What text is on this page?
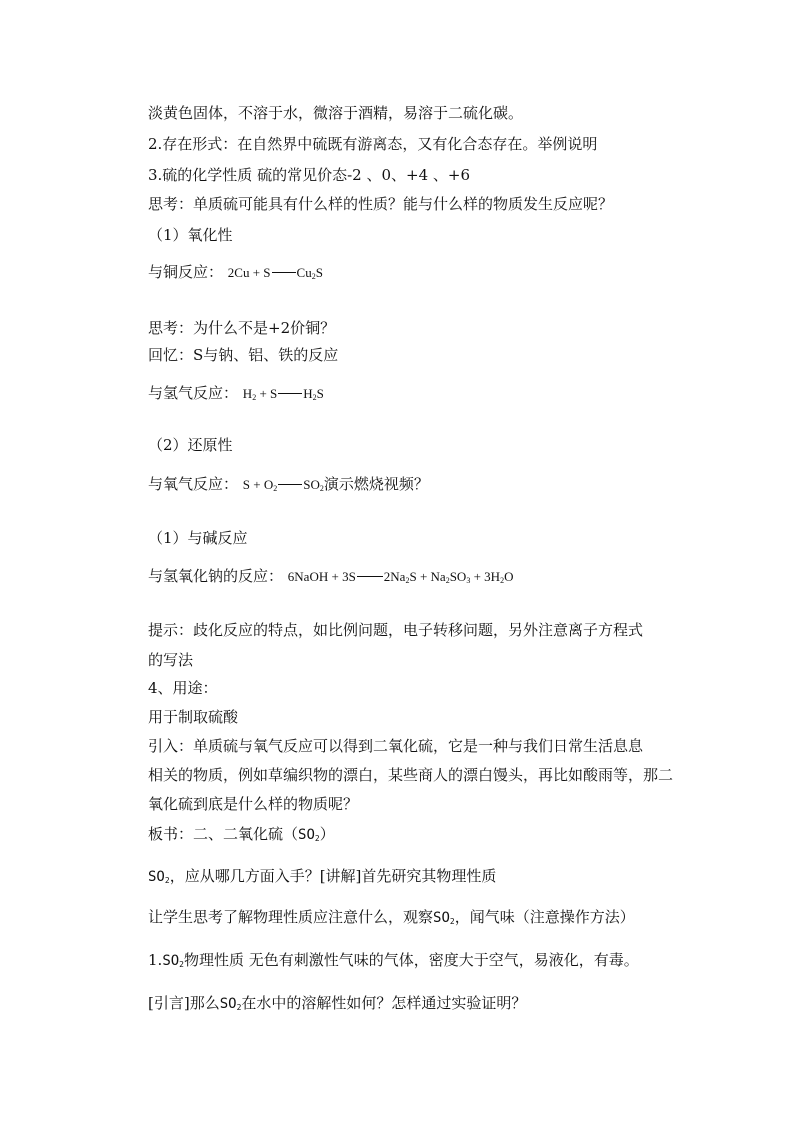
淡黄色固体，不溶于水，微溶于酒精，易溶于二硫化碳。
2.存在形式：在自然界中硫既有游离态，又有化合态存在。举例说明
3.硫的化学性质 硫的常见价态-2 、0、+4 、+6
思考：单质硫可能具有什么样的性质？能与什么样的物质发生反应呢？
（1）氧化性
与铜反应： 2Cu + S $Cu_2S$
思考：为什么不是+2价铜？
回忆：S与钠、铝、铁的反应
与氢气反应： $H_2 + S$ $H_2S$
（2）还原性
与氧气反应： $S + O_2$ $SO_2$演示燃烧视频？
（1）与碱反应
与氢氧化钠的反应： 6NaOH + 3S $2Na_2S + Na_2SO_3 + 3H_2O$
提示：歧化反应的特点，如比例问题，电子转移问题，另外注意离子方程式
的写法
4、用途：
用于制取硫酸
引入：单质硫与氧气反应可以得到二氧化硫，它是一种与我们日常生活息息
相关的物质，例如草编织物的漂白，某些商人的漂白馒头，再比如酸雨等，那二
氧化硫到底是什么样的物质呢？
板书：二、二氧化硫$(SO_2)$
$SO_2$，应从哪几方面入手？[讲解]首先研究其物理性质
让学生思考了解物理性质应注意什么，观察$SO_2$，闻气味（注意操作方法）
$1.SO_2$物理性质 无色有刺激性气味的气体，密度大于空气，易液化，有毒。
[引言]那么$SO_2$在水中的溶解性如何？怎样通过实验证明？
